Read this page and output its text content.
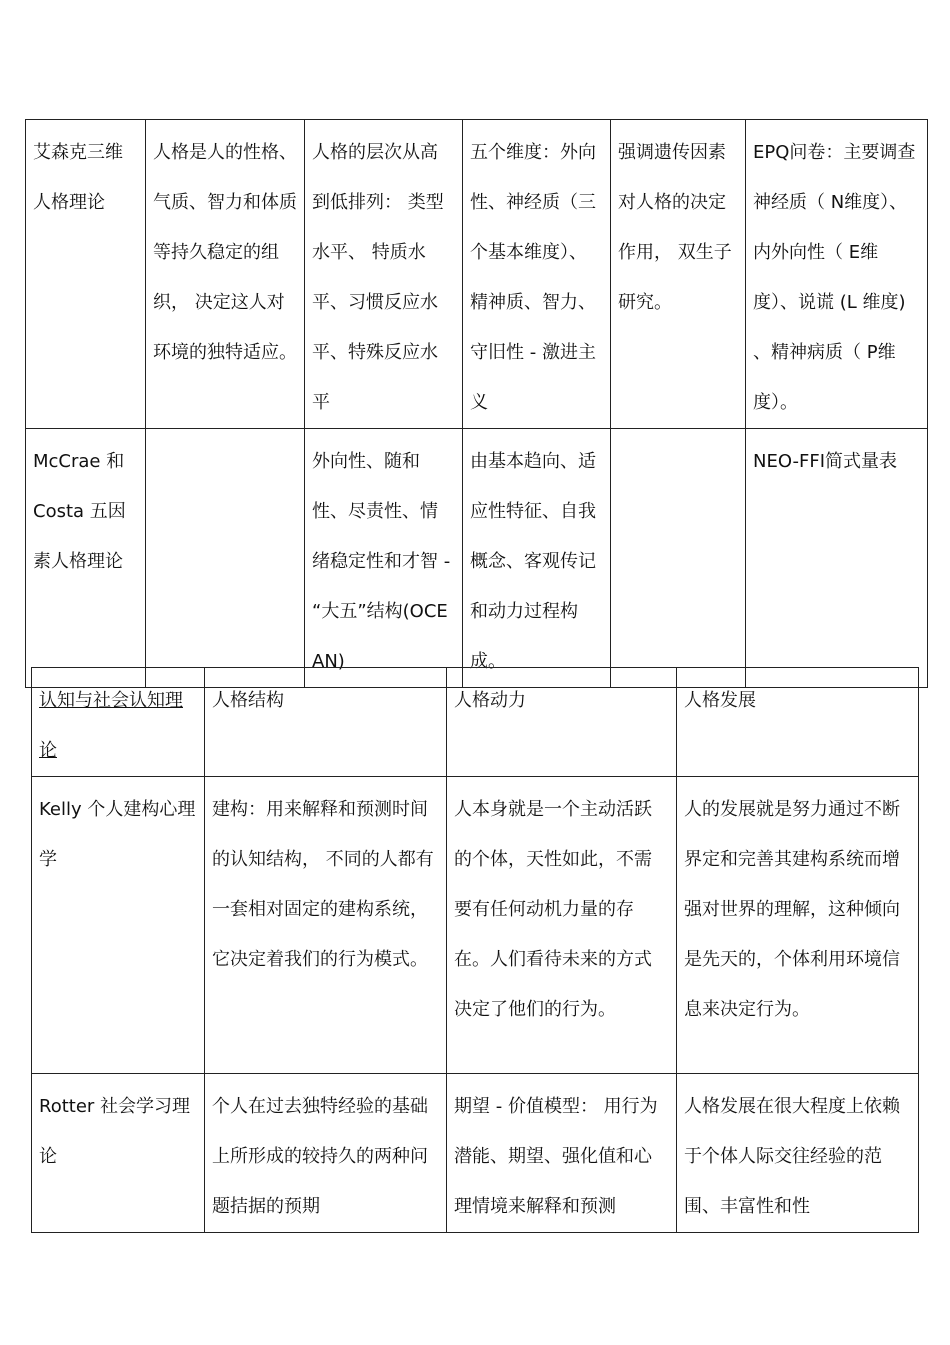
艾森克三维人格理论	人格是人的性格、气质、智力和体质等持久稳定的组织， 决定这人对环境的独特适应。	人格的层次从高到低排列： 类型水平、 特质水平、习惯反应水平、特殊反应水平	五个维度：外向性、神经质（三个基本维度）、精神质、智力、守旧性 - 激进主义	强调遗传因素对人格的决定作用， 双生子研究。	EPQ问卷：主要调查神经质（ N维度）、内外向性（ E维度）、说谎 (L 维度) 、精神病质（ P维度）。
McCrae 和 Costa 五因素人格理论		外向性、随和性、尽责性、情绪稳定性和才智 - “大五”结构(OCEAN)	由基本趋向、适应性特征、自我概念、客观传记和动力过程构成。		NEO-FFI简式量表
认知与社会认知理论	人格结构	人格动力	人格发展
Kelly 个人建构心理学	建构：用来解释和预测时间的认知结构， 不同的人都有一套相对固定的建构系统， 它决定着我们的行为模式。	人本身就是一个主动活跃的个体，天性如此，不需要有任何动机力量的存在。人们看待未来的方式决定了他们的行为。	人的发展就是努力通过不断界定和完善其建构系统而增强对世界的理解，这种倾向是先天的，个体利用环境信息来决定行为。
Rotter 社会学习理论	个人在过去独特经验的基础上所形成的较持久的两种问题拮据的预期	期望 - 价值模型： 用行为潜能、期望、强化值和心理情境来解释和预测	人格发展在很大程度上依赖于个体人际交往经验的范围、丰富性和性
